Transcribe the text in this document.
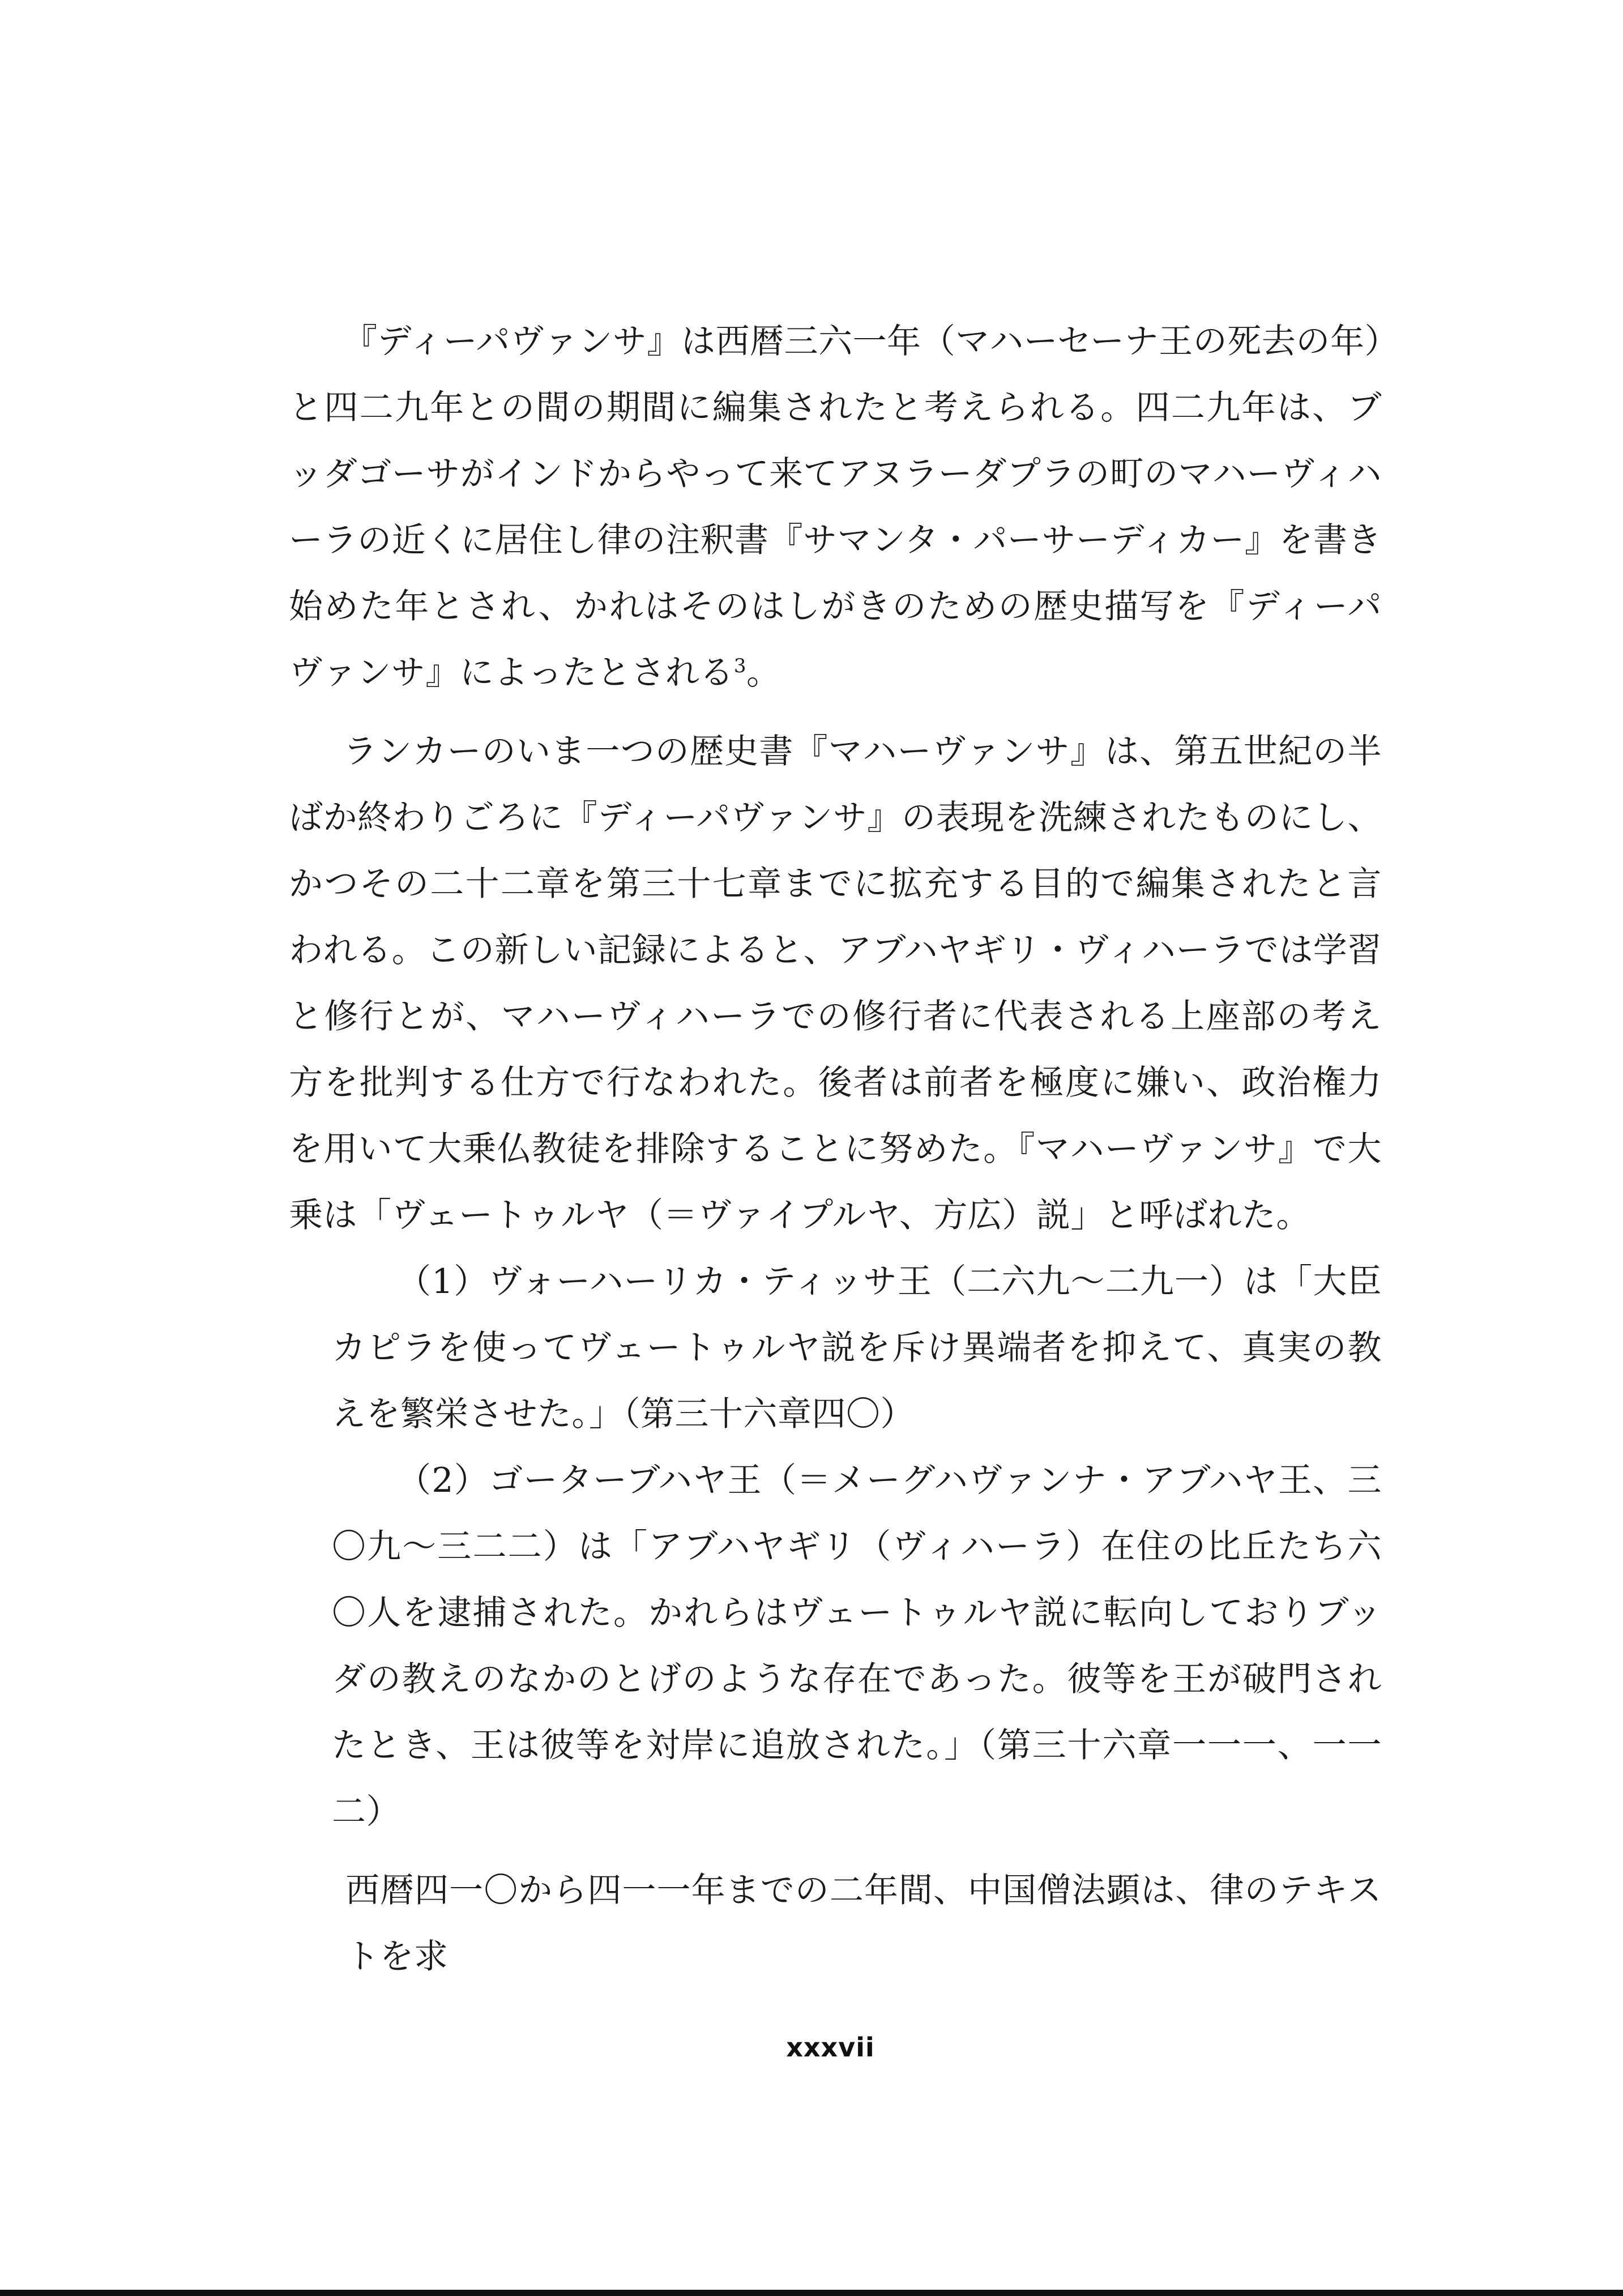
『ディーパヴァンサ』は西暦三六一年（マハーセーナ王の死去の年）と四二九年との間の期間に編集されたと考えられる。四二九年は、ブッダゴーサがインドからやって来てアヌラーダプラの町のマハーヴィハーラの近くに居住し律の注釈書『サマンタ・パーサーディカー』を書き始めた年とされ、かれはそのはしがきのための歴史描写を『ディーパヴァンサ』によったとされる$^3$。

ランカーのいま一つの歴史書『マハーヴァンサ』は、第五世紀の半ばか終わりごろに『ディーパヴァンサ』の表現を洗練されたものにし、かつその二十二章を第三十七章までに拡充する目的で編集されたと言われる。この新しい記録によると、アブハヤギリ・ヴィハーラでは学習と修行とが、マハーヴィハーラでの修行者に代表される上座部の考え方を批判する仕方で行なわれた。後者は前者を極度に嫌い、政治権力を用いて大乗仏教徒を排除することに努めた。『マハーヴァンサ』で大乗は「ヴェートゥルヤ（＝ヴァイプルヤ、方広）説」と呼ばれた。

（1）ヴォーハーリカ・ティッサ王（二六九〜二九一）は「大臣カピラを使ってヴェートゥルヤ説を斥け異端者を抑えて、真実の教えを繁栄させた。」（第三十六章四〇）

（2）ゴーターブハヤ王（＝メーグハヴァンナ・アブハヤ王、三〇九〜三二二）は「アブハヤギリ（ヴィハーラ）在住の比丘たち六〇人を逮捕された。かれらはヴェートゥルヤ説に転向しておりブッダの教えのなかのとげのような存在であった。彼等を王が破門されたとき、王は彼等を対岸に追放された。」（第三十六章一一一、一一二）

西暦四一〇から四一一年までの二年間、中国僧法顕は、律のテキストを求

xxxvii
